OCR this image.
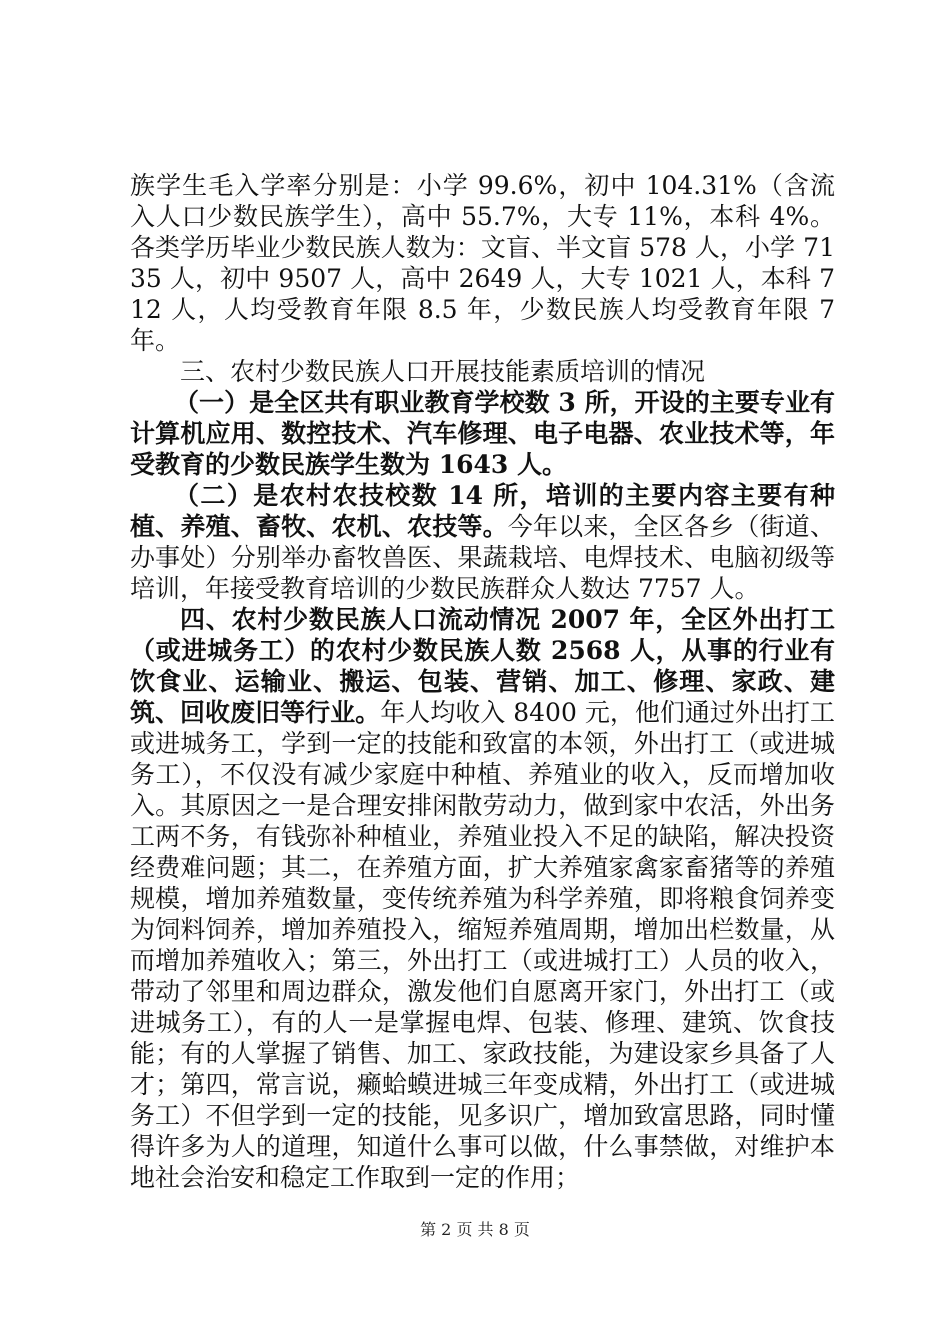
族学生毛入学率分别是：小学 99.6%，初中 104.31%（含流入人口少数民族学生），高中 55.7%，大专 11%，本科 4%。各类学历毕业少数民族人数为：文盲、半文盲 578 人，小学 7135 人，初中 9507 人，高中 2649 人，大专 1021 人，本科 712 人，人均受教育年限 8.5 年，少数民族人均受教育年限 7 年。

三、农村少数民族人口开展技能素质培训的情况

（一）是全区共有职业教育学校数 3 所，开设的主要专业有计算机应用、数控技术、汽车修理、电子电器、农业技术等，年受教育的少数民族学生数为 1643 人。

（二）是农村农技校数 14 所，培训的主要内容主要有种植、养殖、畜牧、农机、农技等。今年以来，全区各乡（街道、办事处）分别举办畜牧兽医、果蔬栽培、电焊技术、电脑初级等培训，年接受教育培训的少数民族群众人数达 7757 人。

四、农村少数民族人口流动情况 2007 年，全区外出打工（或进城务工）的农村少数民族人数 2568 人，从事的行业有饮食业、运输业、搬运、包装、营销、加工、修理、家政、建筑、回收废旧等行业。年人均收入 8400 元，他们通过外出打工或进城务工，学到一定的技能和致富的本领，外出打工（或进城务工），不仅没有减少家庭中种植、养殖业的收入，反而增加收入。其原因之一是合理安排闲散劳动力，做到家中农活，外出务工两不务，有钱弥补种植业，养殖业投入不足的缺陷，解决投资经费难问题；其二，在养殖方面，扩大养殖家禽家畜猪等的养殖规模，增加养殖数量，变传统养殖为科学养殖，即将粮食饲养变为饲料饲养，增加养殖投入，缩短养殖周期，增加出栏数量，从而增加养殖收入；第三，外出打工（或进城打工）人员的收入，带动了邻里和周边群众，激发他们自愿离开家门，外出打工（或进城务工），有的人一是掌握电焊、包装、修理、建筑、饮食技能；有的人掌握了销售、加工、家政技能，为建设家乡具备了人才；第四，常言说，癞蛤蟆进城三年变成精，外出打工（或进城务工）不但学到一定的技能，见多识广，增加致富思路，同时懂得许多为人的道理，知道什么事可以做，什么事禁做，对维护本地社会治安和稳定工作取到一定的作用；

第 2 页 共 8 页
